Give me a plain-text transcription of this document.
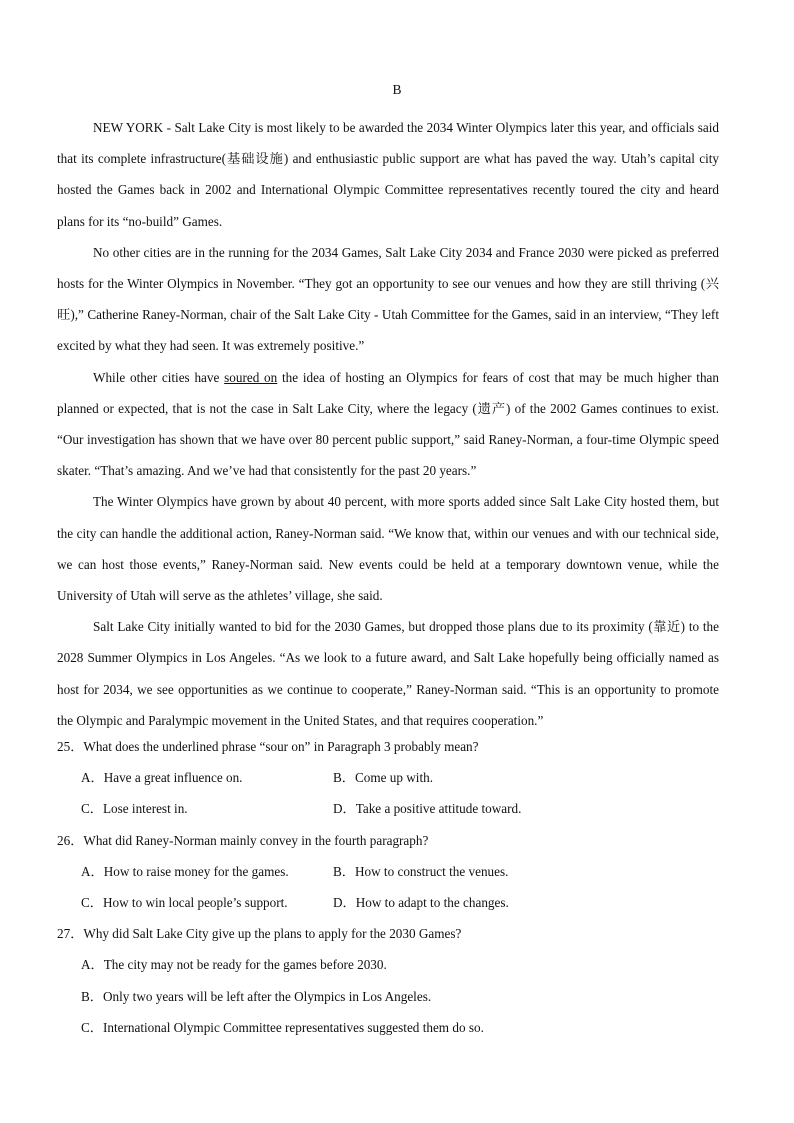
B

NEW YORK - Salt Lake City is most likely to be awarded the 2034 Winter Olympics later this year, and officials said that its complete infrastructure(基础设施) and enthusiastic public support are what has paved the way. Utah’s capital city hosted the Games back in 2002 and International Olympic Committee representatives recently toured the city and heard plans for its “no-build” Games.

No other cities are in the running for the 2034 Games, Salt Lake City 2034 and France 2030 were picked as preferred hosts for the Winter Olympics in November. “They got an opportunity to see our venues and how they are still thriving (兴旺),” Catherine Raney-Norman, chair of the Salt Lake City - Utah Committee for the Games, said in an interview, “They left excited by what they had seen. It was extremely positive.”

While other cities have soured on the idea of hosting an Olympics for fears of cost that may be much higher than planned or expected, that is not the case in Salt Lake City, where the legacy (遗产) of the 2002 Games continues to exist. “Our investigation has shown that we have over 80 percent public support,” said Raney-Norman, a four-time Olympic speed skater. “That’s amazing. And we’ve had that consistently for the past 20 years.”

The Winter Olympics have grown by about 40 percent, with more sports added since Salt Lake City hosted them, but the city can handle the additional action, Raney-Norman said. “We know that, within our venues and with our technical side, we can host those events,” Raney-Norman said. New events could be held at a temporary downtown venue, while the University of Utah will serve as the athletes’ village, she said.

Salt Lake City initially wanted to bid for the 2030 Games, but dropped those plans due to its proximity (靠近) to the 2028 Summer Olympics in Los Angeles. “As we look to a future award, and Salt Lake hopefully being officially named as host for 2034, we see opportunities as we continue to cooperate,” Raney-Norman said. “This is an opportunity to promote the Olympic and Paralympic movement in the United States, and that requires cooperation.”

25．What does the underlined phrase “sour on” in Paragraph 3 probably mean?
A．Have a great influence on.	B．Come up with.
C．Lose interest in.	D．Take a positive attitude toward.
26．What did Raney-Norman mainly convey in the fourth paragraph?
A．How to raise money for the games.	B．How to construct the venues.
C．How to win local people’s support.	D．How to adapt to the changes.
27．Why did Salt Lake City give up the plans to apply for the 2030 Games?
A．The city may not be ready for the games before 2030.
B．Only two years will be left after the Olympics in Los Angeles.
C．International Olympic Committee representatives suggested them do so.
